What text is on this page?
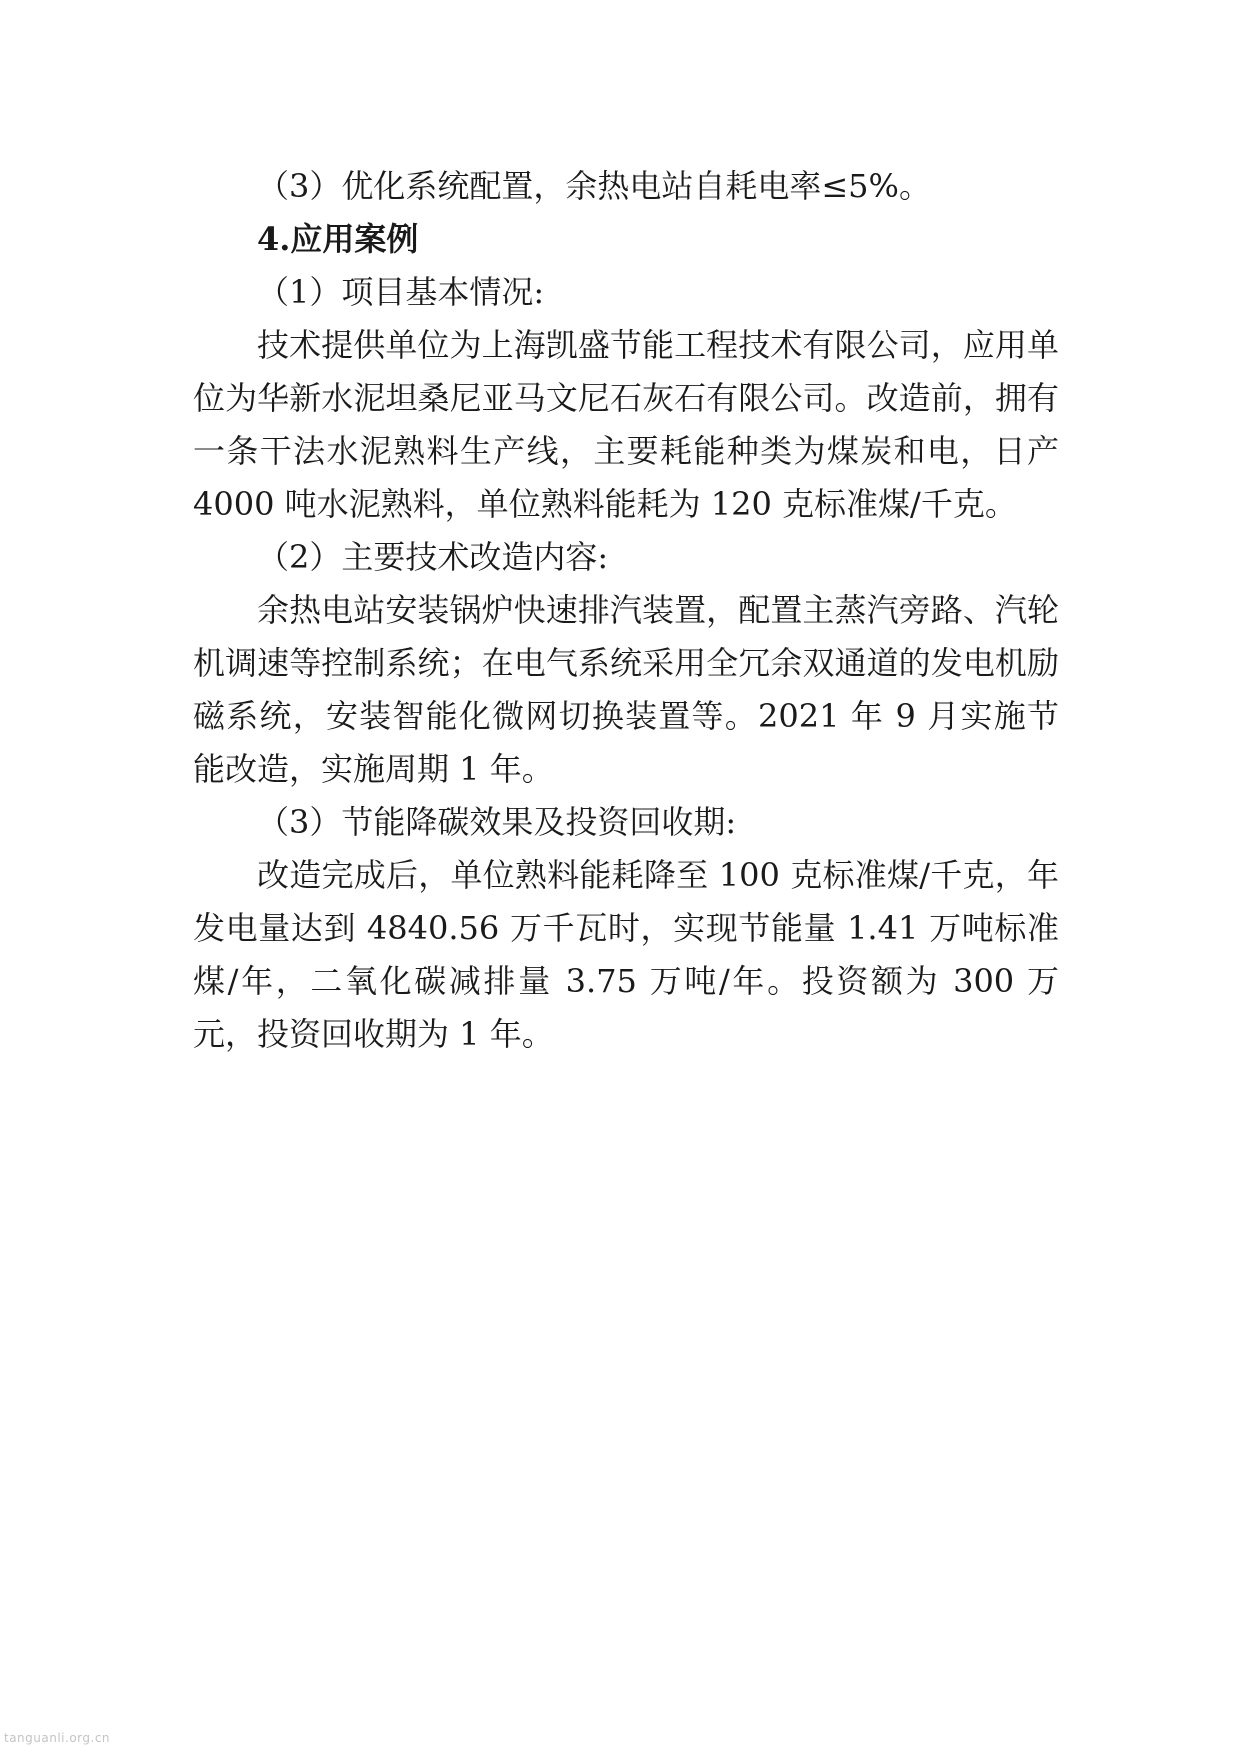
（3）优化系统配置，余热电站自耗电率≤5%。

4.应用案例

（1）项目基本情况:

技术提供单位为上海凯盛节能工程技术有限公司，应用单位为华新水泥坦桑尼亚马文尼石灰石有限公司。改造前，拥有一条干法水泥熟料生产线，主要耗能种类为煤炭和电，日产 4000 吨水泥熟料，单位熟料能耗为 120 克标准煤/千克。

（2）主要技术改造内容:

余热电站安装锅炉快速排汽装置，配置主蒸汽旁路、汽轮机调速等控制系统；在电气系统采用全冗余双通道的发电机励磁系统，安装智能化微网切换装置等。2021 年 9 月实施节能改造，实施周期 1 年。

（3）节能降碳效果及投资回收期:

改造完成后，单位熟料能耗降至 100 克标准煤/千克，年发电量达到 4840.56 万千瓦时，实现节能量 1.41 万吨标准煤/年，二氧化碳减排量 3.75 万吨/年。投资额为 300 万元，投资回收期为 1 年。

tanguanli.org.cn
